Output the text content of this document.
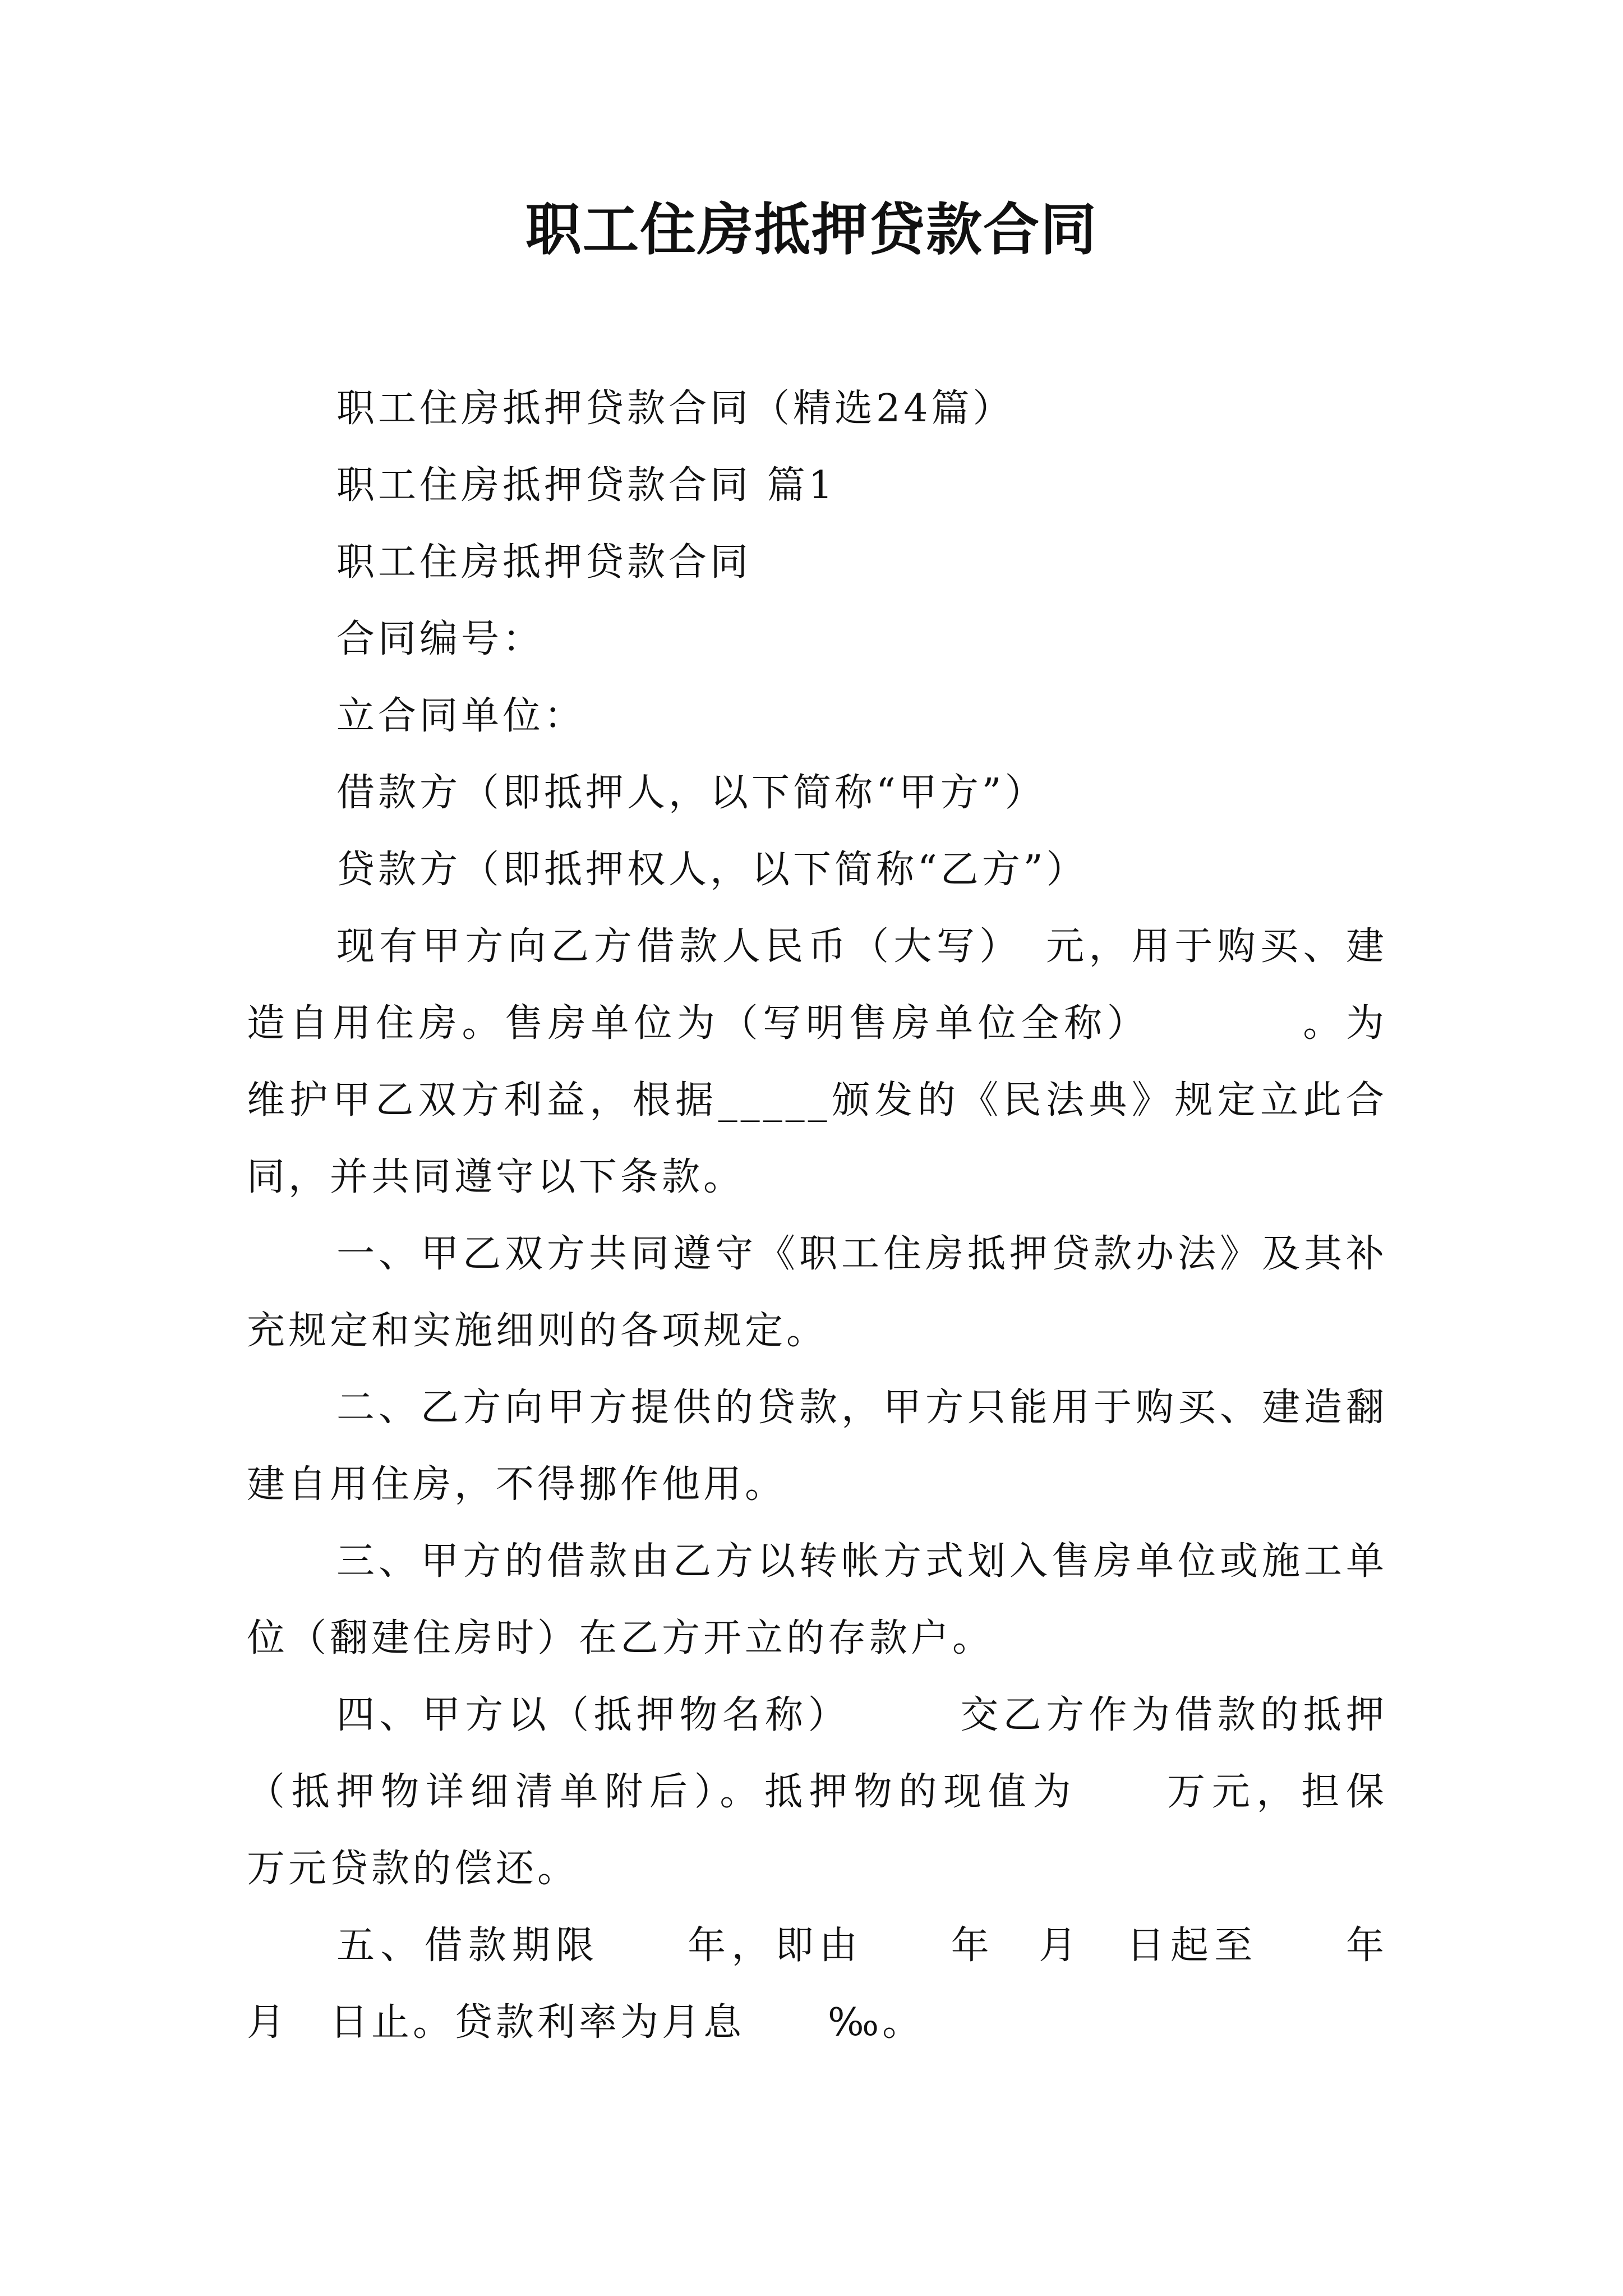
职工住房抵押贷款合同

职工住房抵押贷款合同（精选24篇）

职工住房抵押贷款合同 篇1

职工住房抵押贷款合同

合同编号：

立合同单位：

借款方（即抵押人，以下简称“甲方”）

贷款方（即抵押权人，以下简称“乙方”）

现有甲方向乙方借款人民币（大写）　元，用于购买、建造自用住房。售房单位为（写明售房单位全称）　　　　。为维护甲乙双方利益，根据_____颁发的《民法典》规定立此合同，并共同遵守以下条款。

一、甲乙双方共同遵守《职工住房抵押贷款办法》及其补充规定和实施细则的各项规定。

二、乙方向甲方提供的贷款，甲方只能用于购买、建造翻建自用住房，不得挪作他用。

三、甲方的借款由乙方以转帐方式划入售房单位或施工单位（翻建住房时）在乙方开立的存款户。

四、甲方以（抵押物名称）　　　交乙方作为借款的抵押（抵押物详细清单附后）。抵押物的现值为　　万元，担保　　万元贷款的偿还。

五、借款期限　　年，即由　　年　月　日起至　　年　月　日止。贷款利率为月息　　‰。
